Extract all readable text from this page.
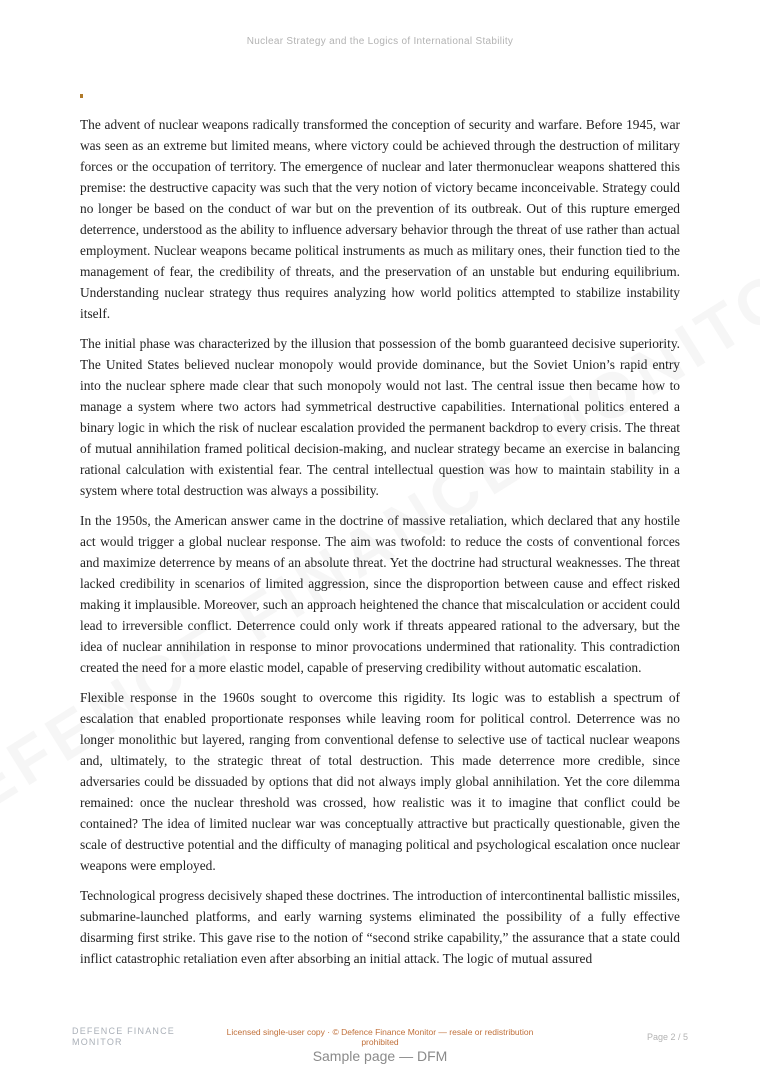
Nuclear Strategy and the Logics of International Stability

The advent of nuclear weapons radically transformed the conception of security and warfare. Before 1945, war was seen as an extreme but limited means, where victory could be achieved through the destruction of military forces or the occupation of territory. The emergence of nuclear and later thermonuclear weapons shattered this premise: the destructive capacity was such that the very notion of victory became inconceivable. Strategy could no longer be based on the conduct of war but on the prevention of its outbreak. Out of this rupture emerged deterrence, understood as the ability to influence adversary behavior through the threat of use rather than actual employment. Nuclear weapons became political instruments as much as military ones, their function tied to the management of fear, the credibility of threats, and the preservation of an unstable but enduring equilibrium. Understanding nuclear strategy thus requires analyzing how world politics attempted to stabilize instability itself.

The initial phase was characterized by the illusion that possession of the bomb guaranteed decisive superiority. The United States believed nuclear monopoly would provide dominance, but the Soviet Union’s rapid entry into the nuclear sphere made clear that such monopoly would not last. The central issue then became how to manage a system where two actors had symmetrical destructive capabilities. International politics entered a binary logic in which the risk of nuclear escalation provided the permanent backdrop to every crisis. The threat of mutual annihilation framed political decision-making, and nuclear strategy became an exercise in balancing rational calculation with existential fear. The central intellectual question was how to maintain stability in a system where total destruction was always a possibility.

In the 1950s, the American answer came in the doctrine of massive retaliation, which declared that any hostile act would trigger a global nuclear response. The aim was twofold: to reduce the costs of conventional forces and maximize deterrence by means of an absolute threat. Yet the doctrine had structural weaknesses. The threat lacked credibility in scenarios of limited aggression, since the disproportion between cause and effect risked making it implausible. Moreover, such an approach heightened the chance that miscalculation or accident could lead to irreversible conflict. Deterrence could only work if threats appeared rational to the adversary, but the idea of nuclear annihilation in response to minor provocations undermined that rationality. This contradiction created the need for a more elastic model, capable of preserving credibility without automatic escalation.

Flexible response in the 1960s sought to overcome this rigidity. Its logic was to establish a spectrum of escalation that enabled proportionate responses while leaving room for political control. Deterrence was no longer monolithic but layered, ranging from conventional defense to selective use of tactical nuclear weapons and, ultimately, to the strategic threat of total destruction. This made deterrence more credible, since adversaries could be dissuaded by options that did not always imply global annihilation. Yet the core dilemma remained: once the nuclear threshold was crossed, how realistic was it to imagine that conflict could be contained? The idea of limited nuclear war was conceptually attractive but practically questionable, given the scale of destructive potential and the difficulty of managing political and psychological escalation once nuclear weapons were employed.

Technological progress decisively shaped these doctrines. The introduction of intercontinental ballistic missiles, submarine-launched platforms, and early warning systems eliminated the possibility of a fully effective disarming first strike. This gave rise to the notion of “second strike capability,” the assurance that a state could inflict catastrophic retaliation even after absorbing an initial attack. The logic of mutual assured

DEFENCE FINANCE MONITOR
Licensed single-user copy · © Defence Finance Monitor — resale or redistribution prohibited	Page 2 / 5
Sample page — DFM
